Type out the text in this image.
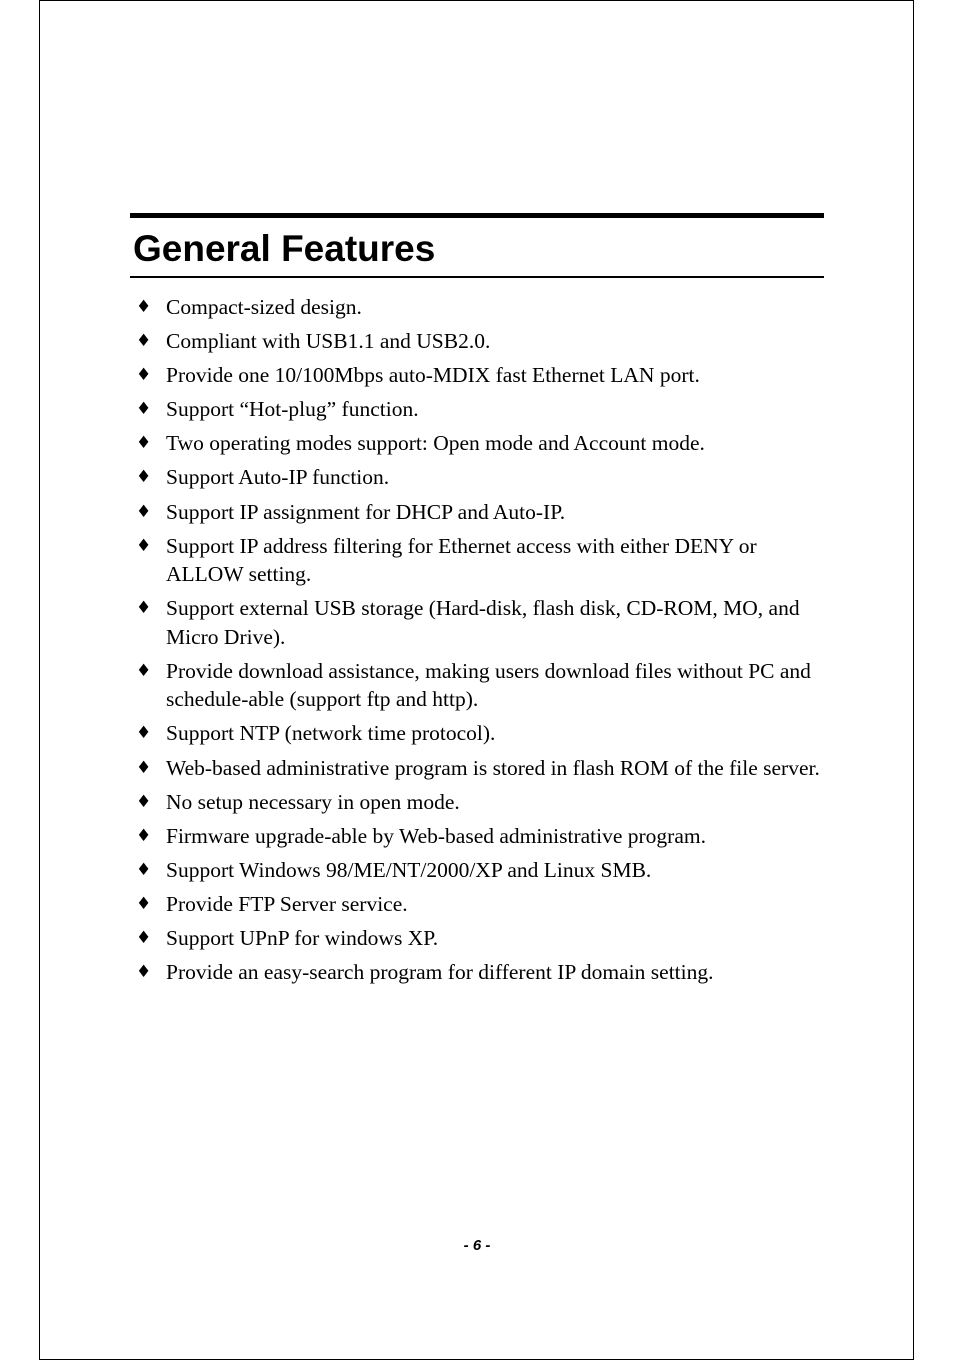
General Features
♦ Compact-sized design.
♦ Compliant with USB1.1 and USB2.0.
♦ Provide one 10/100Mbps auto-MDIX fast Ethernet LAN port.
♦ Support “Hot-plug” function.
♦ Two operating modes support: Open mode and Account mode.
♦ Support Auto-IP function.
♦ Support IP assignment for DHCP and Auto-IP.
♦ Support IP address filtering for Ethernet access with either DENY or ALLOW setting.
♦ Support external USB storage (Hard-disk, flash disk, CD-ROM, MO, and Micro Drive).
♦ Provide download assistance, making users download files without PC and schedule-able (support ftp and http).
♦ Support NTP (network time protocol).
♦ Web-based administrative program is stored in flash ROM of the file server.
♦ No setup necessary in open mode.
♦ Firmware upgrade-able by Web-based administrative program.
♦ Support Windows 98/ME/NT/2000/XP and Linux SMB.
♦ Provide FTP Server service.
♦ Support UPnP for windows XP.
♦ Provide an easy-search program for different IP domain setting.
- 6 -
